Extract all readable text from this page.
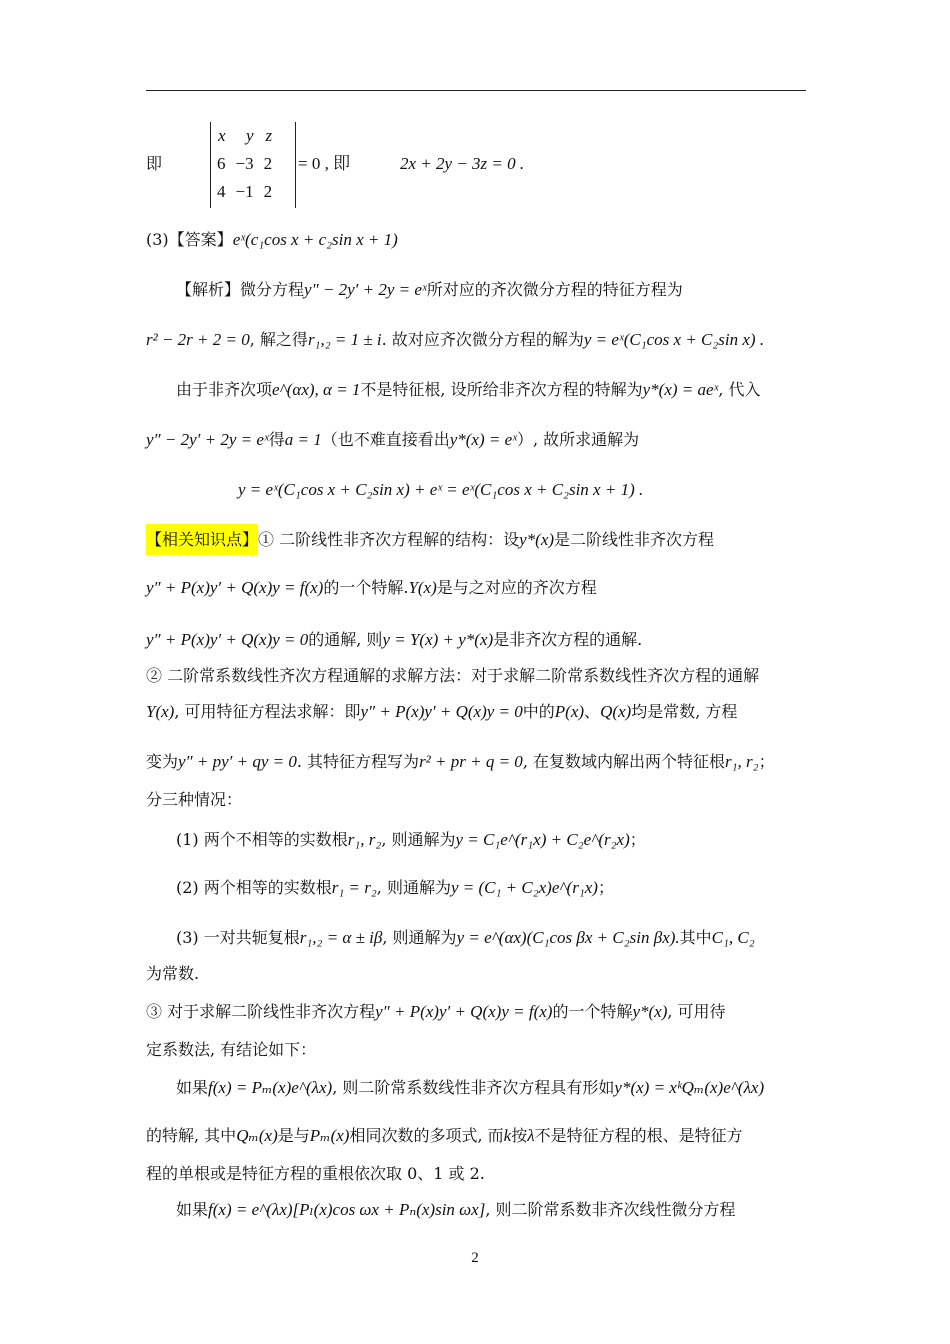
即
x	y	z
6	−3	2
4	−1	2
= 0 , 即	2x + 2y − 3z = 0 .
(3)【答案】eˣ(c₁cos x + c₂sin x + 1)
【解析】微分方程y″ − 2y′ + 2y = eˣ所对应的齐次微分方程的特征方程为
r² − 2r + 2 = 0, 解之得r₁,₂ = 1 ± i. 故对应齐次微分方程的解为y = eˣ(C₁cos x + C₂sin x) .
由于非齐次项e^(αx), α = 1不是特征根, 设所给非齐次方程的特解为y*(x) = aeˣ, 代入
y″ − 2y′ + 2y = eˣ得a = 1（也不难直接看出y*(x) = eˣ）, 故所求通解为
y = eˣ(C₁cos x + C₂sin x) + eˣ = eˣ(C₁cos x + C₂sin x + 1) .
【相关知识点】① 二阶线性非齐次方程解的结构：设y*(x)是二阶线性非齐次方程
y″ + P(x)y′ + Q(x)y = f(x)的一个特解.Y(x)是与之对应的齐次方程
y″ + P(x)y′ + Q(x)y = 0的通解, 则y = Y(x) + y*(x)是非齐次方程的通解.
② 二阶常系数线性齐次方程通解的求解方法：对于求解二阶常系数线性齐次方程的通解
Y(x), 可用特征方程法求解：即y″ + P(x)y′ + Q(x)y = 0中的P(x)、Q(x)均是常数, 方程
变为y″ + py′ + qy = 0. 其特征方程写为r² + pr + q = 0, 在复数域内解出两个特征根r₁, r₂；
分三种情况：
(1) 两个不相等的实数根r₁, r₂, 则通解为y = C₁e^(r₁x) + C₂e^(r₂x)；
(2) 两个相等的实数根r₁ = r₂, 则通解为y = (C₁ + C₂x)e^(r₁x)；
(3) 一对共轭复根r₁,₂ = α ± iβ, 则通解为y = e^(αx)(C₁cos βx + C₂sin βx).其中C₁, C₂
为常数.
③ 对于求解二阶线性非齐次方程y″ + P(x)y′ + Q(x)y = f(x)的一个特解y*(x), 可用待
定系数法, 有结论如下：
如果f(x) = Pₘ(x)e^(λx), 则二阶常系数线性非齐次方程具有形如y*(x) = xᵏQₘ(x)e^(λx)
的特解, 其中Qₘ(x)是与Pₘ(x)相同次数的多项式, 而k按λ不是特征方程的根、是特征方
程的单根或是特征方程的重根依次取 0、1 或 2.
如果f(x) = e^(λx)[Pₗ(x)cos ωx + Pₙ(x)sin ωx], 则二阶常系数非齐次线性微分方程
2
